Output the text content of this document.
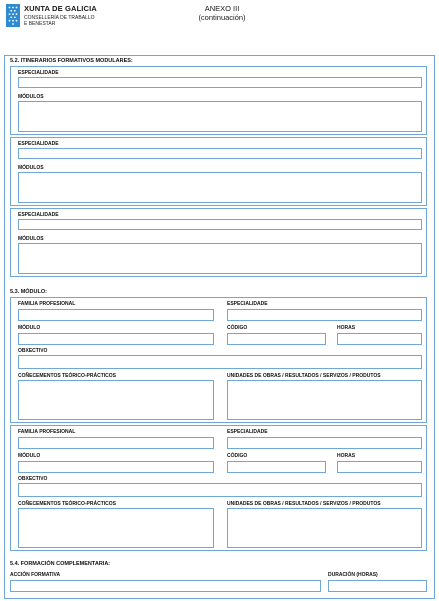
XUNTA DE GALICIA
CONSELLERÍA DE TRABALLO
E BENESTAR
ANEXO III
(continuación)
5.2. ITINERARIOS FORMATIVOS MODULARES:
ESPECIALIDADE
MÓDULOS
ESPECIALIDADE
MÓDULOS
ESPECIALIDADE
MÓDULOS
5.3. MÓDULO:
FAMILIA PROFESIONAL	ESPECIALIDADE
MÓDULO	CÓDIGO	HORAS
OBXECTIVO
COÑECEMENTOS TEÓRICO-PRÁCTICOS	UNIDADES DE OBRAS / RESULTADOS / SERVIZOS / PRODUTOS
FAMILIA PROFESIONAL	ESPECIALIDADE
MÓDULO	CÓDIGO	HORAS
OBXECTIVO
COÑECEMENTOS TEÓRICO-PRÁCTICOS	UNIDADES DE OBRAS / RESULTADOS / SERVIZOS / PRODUTOS
5.4. FORMACIÓN COMPLEMENTARIA:
ACCIÓN FORMATIVA	DURACIÓN (HORAS)
